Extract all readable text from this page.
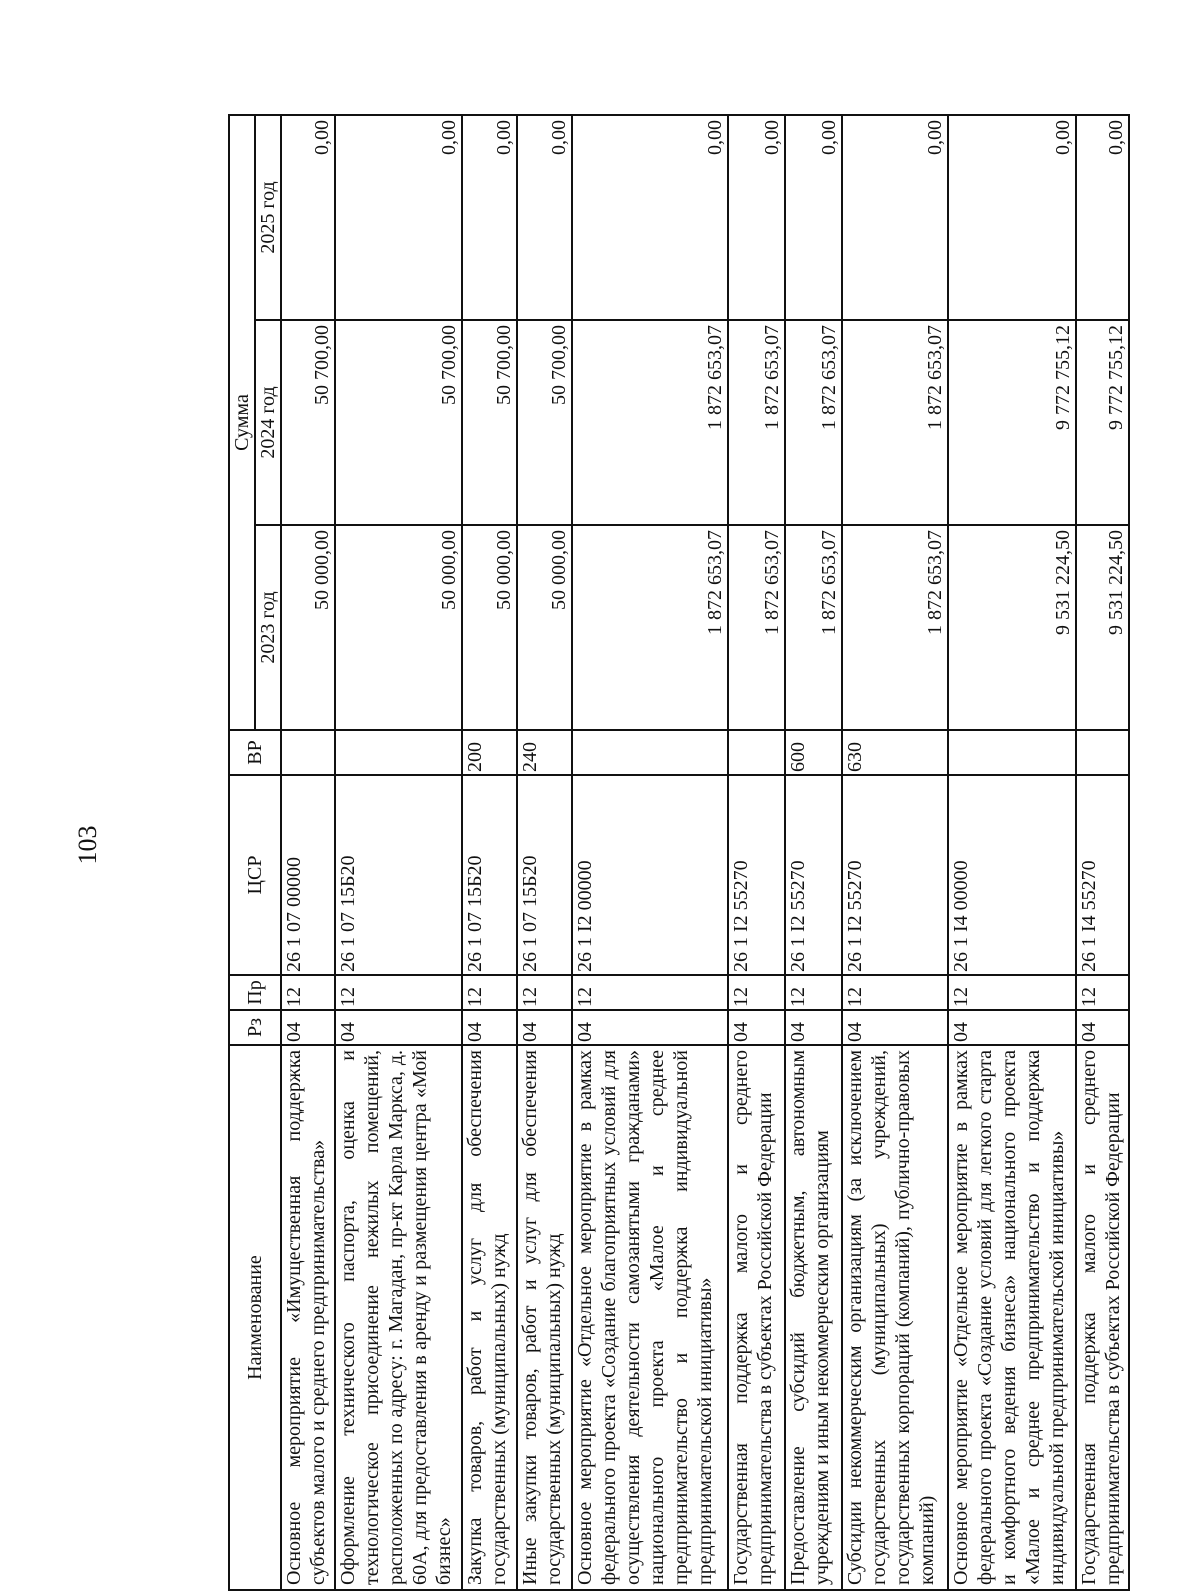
103
Наименование	Рз	Пр	ЦСР	ВР	Сумма		
					2023 год	2024 год	2025 год
Основное мероприятие «Имущественная поддержка субъектов малого и среднего предпринимательства»	04	12	26 1 07 00000		50 000,00	50 700,00	0,00
Оформление технического паспорта, оценка и технологическое присоединение нежилых помещений, расположенных по адресу: г. Магадан, пр-кт Карла Маркса, д. 60А, для предоставления в аренду и размещения центра «Мой бизнес»	04	12	26 1 07 15Б20		50 000,00	50 700,00	0,00
Закупка товаров, работ и услуг для обеспечения государственных (муниципальных) нужд	04	12	26 1 07 15Б20	200	50 000,00	50 700,00	0,00
Иные закупки товаров, работ и услуг для обеспечения государственных (муниципальных) нужд	04	12	26 1 07 15Б20	240	50 000,00	50 700,00	0,00
Основное мероприятие «Отдельное мероприятие в рамках федерального проекта «Создание благоприятных условий для осуществления деятельности самозанятыми гражданами» национального проекта «Малое и среднее предпринимательство и поддержка индивидуальной предпринимательской инициативы»	04	12	26 1 I2 00000		1 872 653,07	1 872 653,07	0,00
Государственная поддержка малого и среднего предпринимательства в субъектах Российской Федерации	04	12	26 1 I2 55270		1 872 653,07	1 872 653,07	0,00
Предоставление субсидий бюджетным, автономным учреждениям и иным некоммерческим организациям	04	12	26 1 I2 55270	600	1 872 653,07	1 872 653,07	0,00
Субсидии некоммерческим организациям (за исключением государственных (муниципальных) учреждений, государственных корпораций (компаний), публично-правовых компаний)	04	12	26 1 I2 55270	630	1 872 653,07	1 872 653,07	0,00
Основное мероприятие «Отдельное мероприятие в рамках федерального проекта «Создание условий для легкого старта и комфортного ведения бизнеса» национального проекта «Малое и среднее предпринимательство и поддержка индивидуальной предпринимательской инициативы»	04	12	26 1 I4 00000		9 531 224,50	9 772 755,12	0,00
Государственная поддержка малого и среднего предпринимательства в субъектах Российской Федерации	04	12	26 1 I4 55270		9 531 224,50	9 772 755,12	0,00
